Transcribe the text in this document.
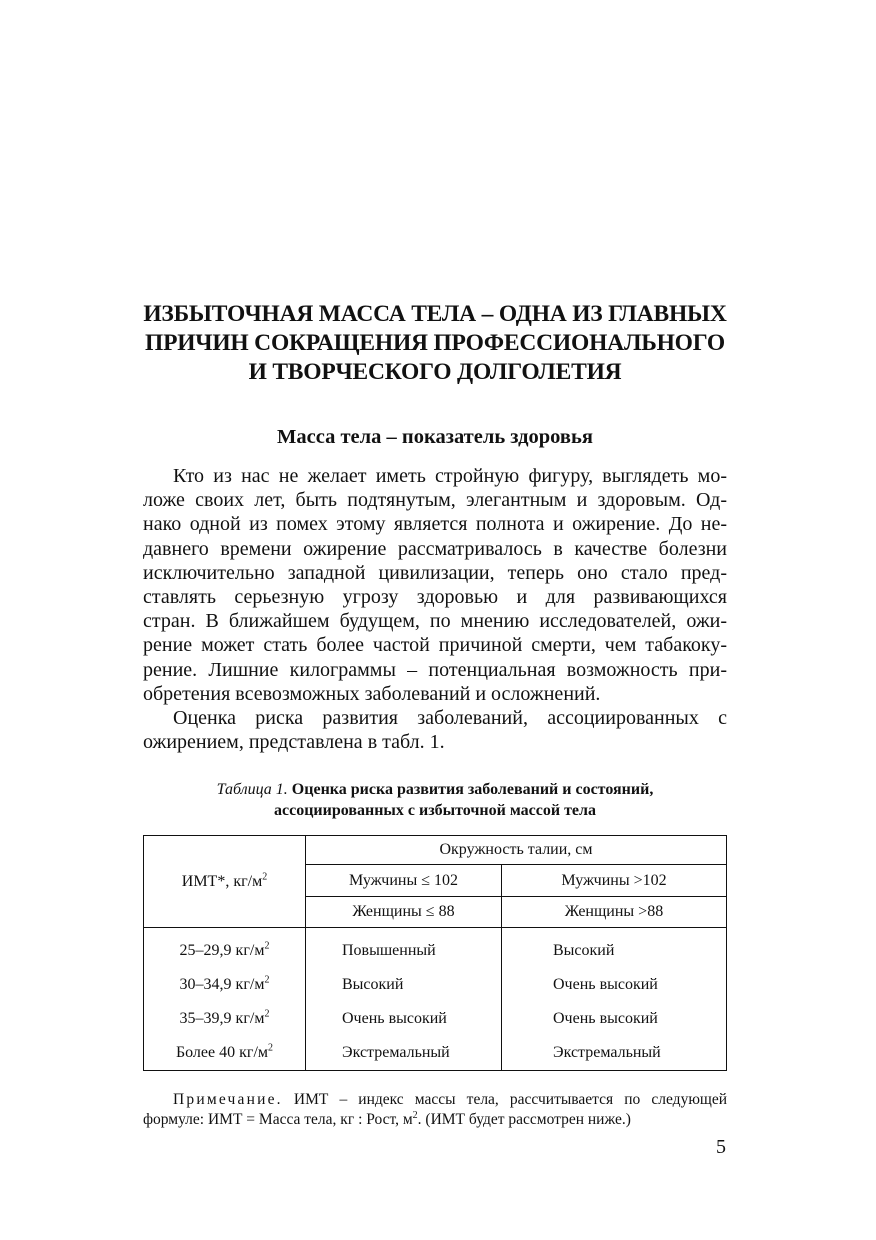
ИЗБЫТОЧНАЯ МАССА ТЕЛА – ОДНА ИЗ ГЛАВНЫХ
ПРИЧИН СОКРАЩЕНИЯ ПРОФЕССИОНАЛЬНОГО
И ТВОРЧЕСКОГО ДОЛГОЛЕТИЯ
Масса тела – показатель здоровья
Кто из нас не желает иметь стройную фигуру, выглядеть мо-
ложе своих лет, быть подтянутым, элегантным и здоровым. Од-
нако одной из помех этому является полнота и ожирение. До не-
давнего времени ожирение рассматривалось в качестве болезни
исключительно западной цивилизации, теперь оно стало пред-
ставлять серьезную угрозу здоровью и для развивающихся
стран. В ближайшем будущем, по мнению исследователей, ожи-
рение может стать более частой причиной смерти, чем табакоку-
рение. Лишние килограммы – потенциальная возможность при-
обретения всевозможных заболеваний и осложнений.
Оценка риска развития заболеваний, ассоциированных с
ожирением, представлена в табл. 1.
Таблица 1. Оценка риска развития заболеваний и состояний,
ассоциированных с избыточной массой тела
ИМТ*, $кг/м^2$	Окружность талии, см	
	Мужчины ≤ 102	Мужчины >102
	Женщины ≤ 88	Женщины >88
25–29,9 $кг/м^2$	Повышенный	Высокий
30–34,9 $кг/м^2$	Высокий	Очень высокий
35–39,9 $кг/м^2$	Очень высокий	Очень высокий
Более 40 $кг/м^2$	Экстремальный	Экстремальный
Примечание. ИМТ – индекс массы тела, рассчитывается по следующей
формуле: ИМТ = Масса тела, кг : Рост, $м^2$. (ИМТ будет рассмотрен ниже.)
5
